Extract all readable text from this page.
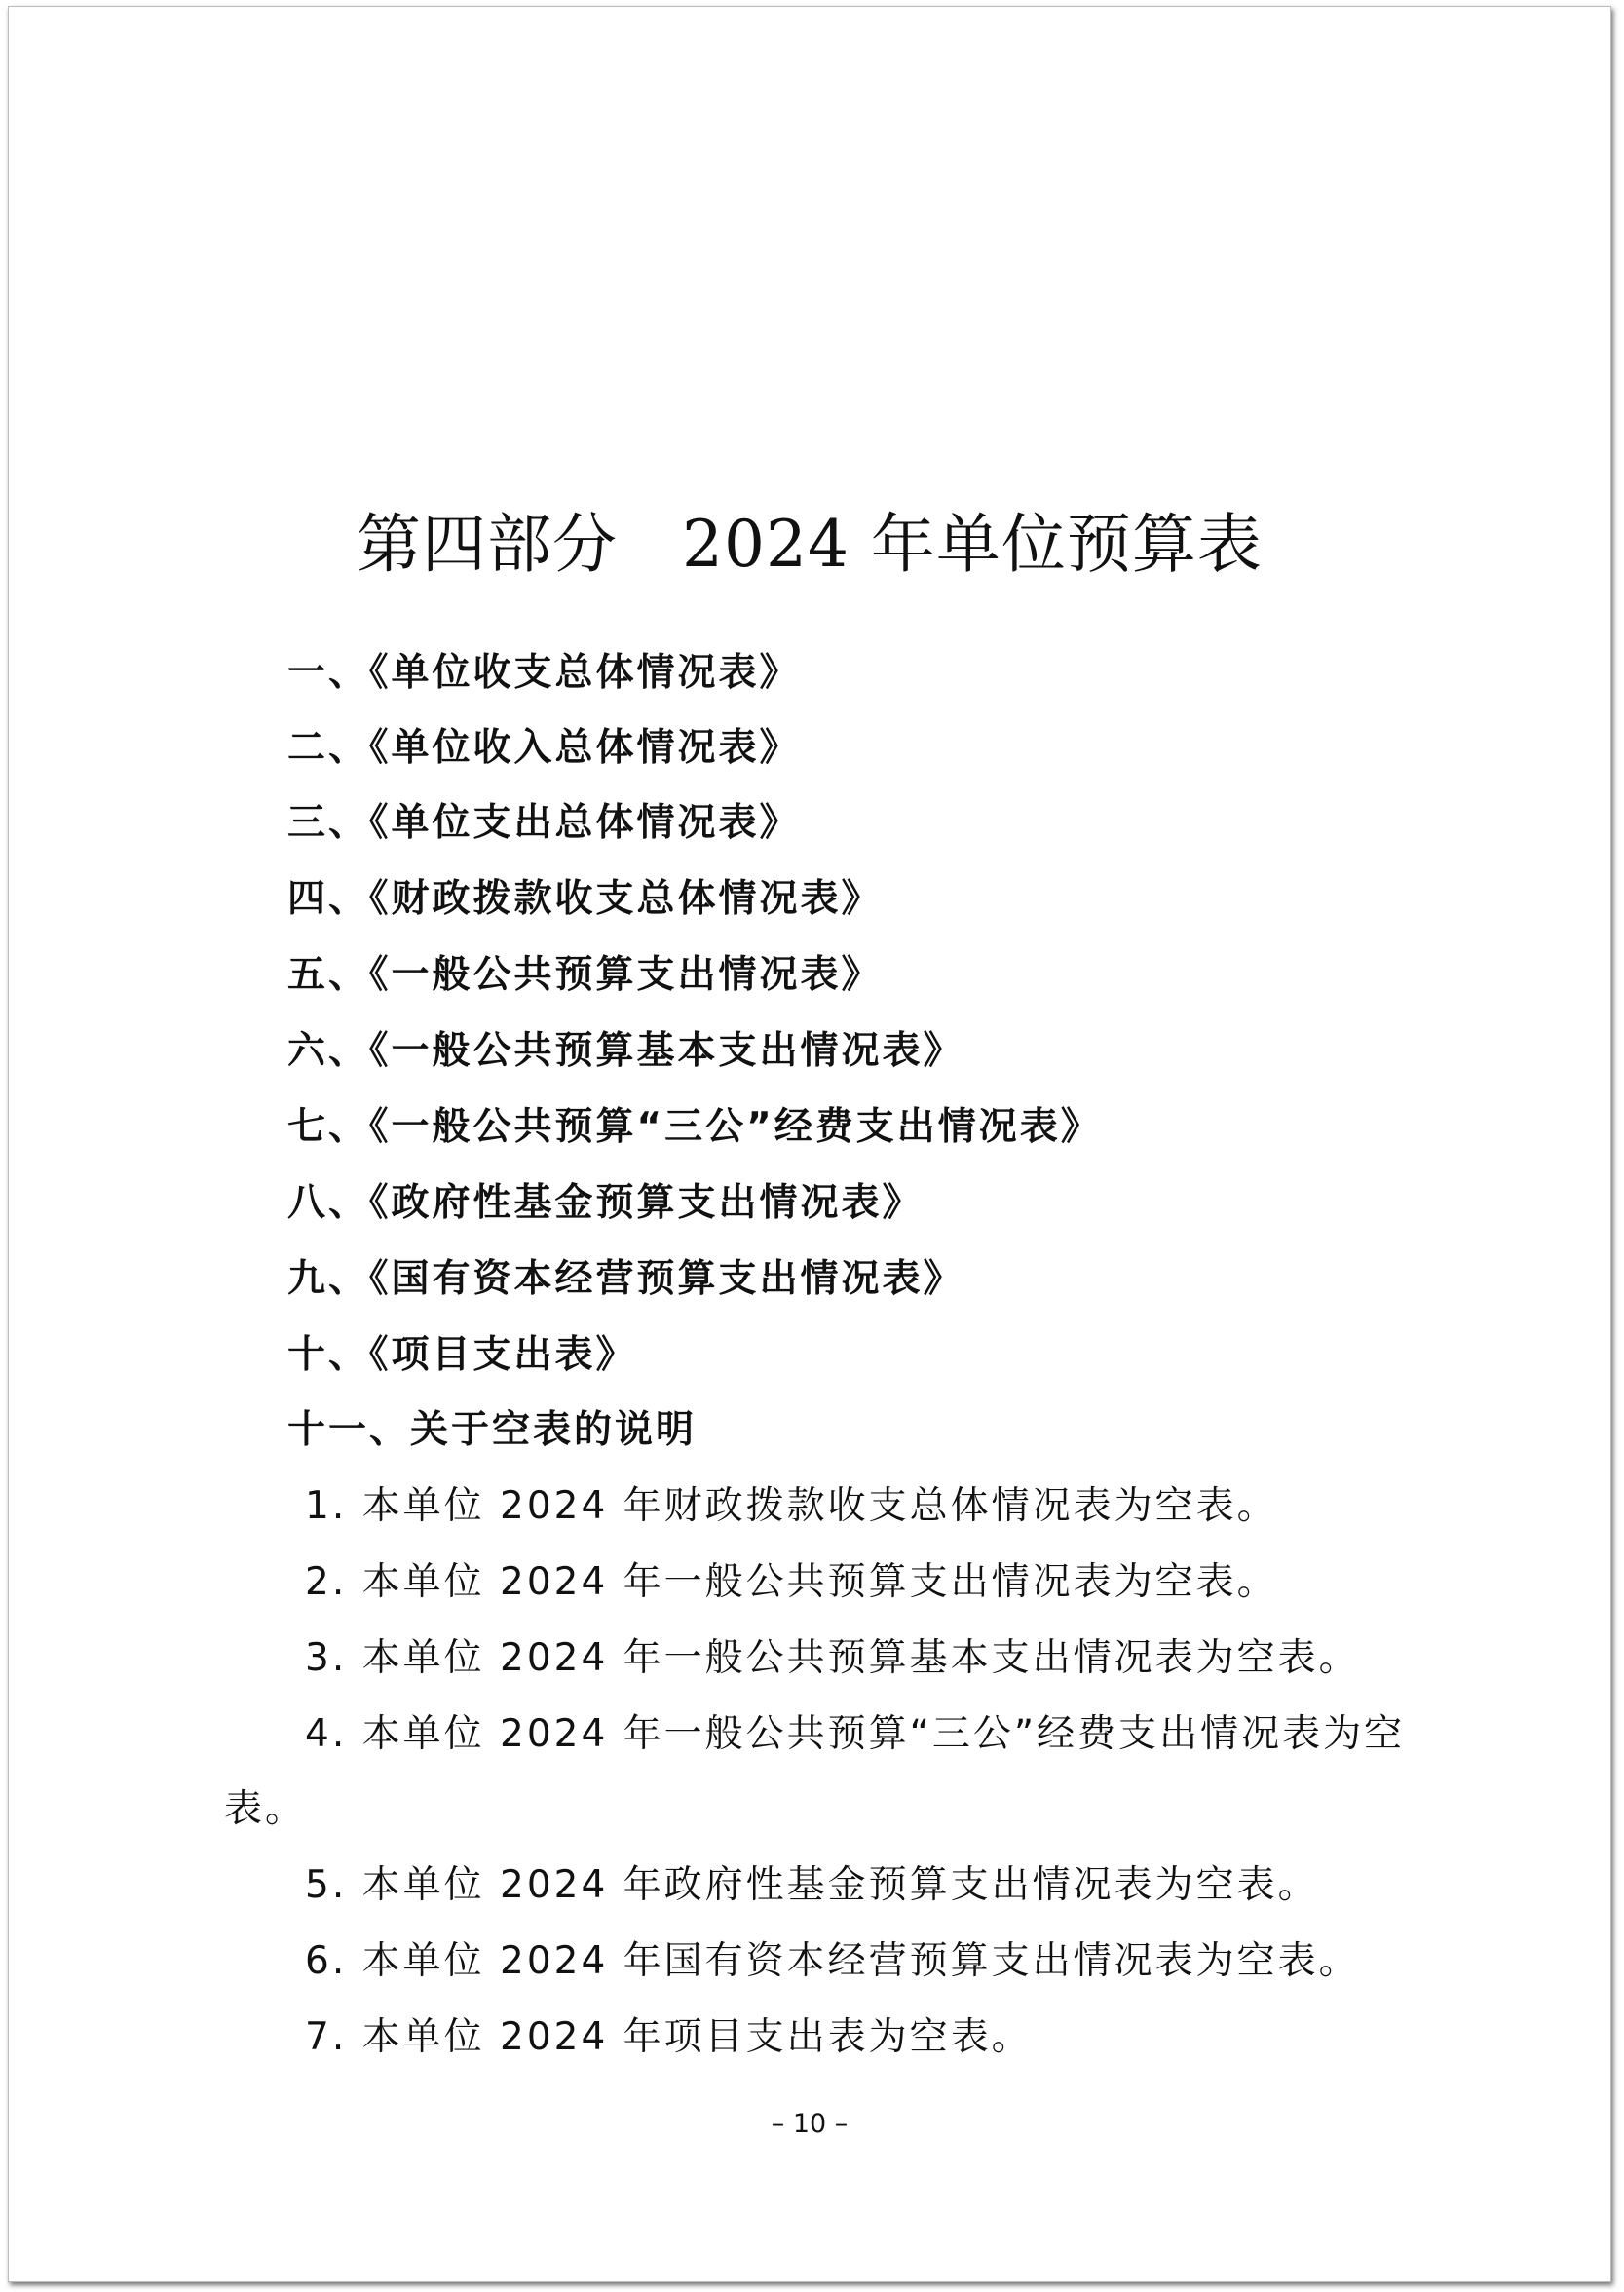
第四部分   2024 年单位预算表
一、《单位收支总体情况表》
二、《单位收入总体情况表》
三、《单位支出总体情况表》
四、《财政拨款收支总体情况表》
五、《一般公共预算支出情况表》
六、《一般公共预算基本支出情况表》
七、《一般公共预算“三公”经费支出情况表》
八、《政府性基金预算支出情况表》
九、《国有资本经营预算支出情况表》
十、《项目支出表》
十一、关于空表的说明
1. 本单位 2024 年财政拨款收支总体情况表为空表。
2. 本单位 2024 年一般公共预算支出情况表为空表。
3. 本单位 2024 年一般公共预算基本支出情况表为空表。
4. 本单位 2024 年一般公共预算“三公”经费支出情况表为空
表。
5. 本单位 2024 年政府性基金预算支出情况表为空表。
6. 本单位 2024 年国有资本经营预算支出情况表为空表。
7. 本单位 2024 年项目支出表为空表。
– 10 –
